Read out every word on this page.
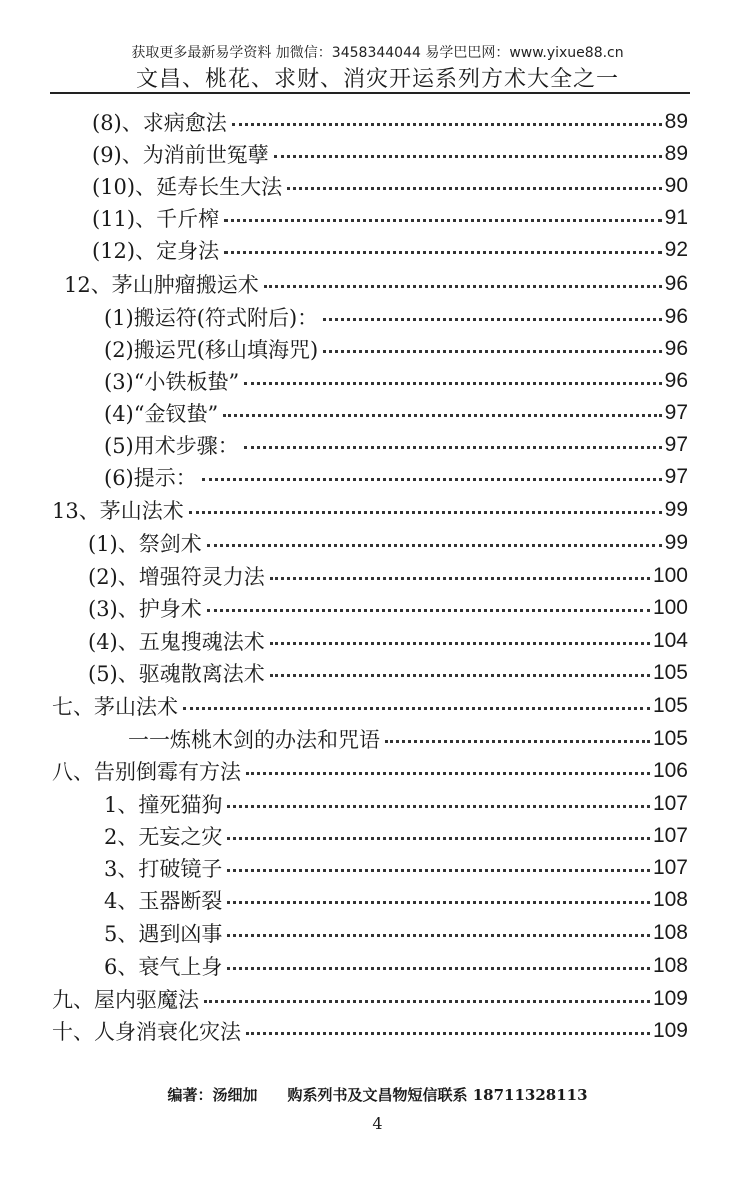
获取更多最新易学资料 加微信：3458344044 易学巴巴网：www.yixue88.cn
文昌、桃花、求财、消灾开运系列方术大全之一
(8)、求病愈法	89
(9)、为消前世冤孽	89
(10)、延寿长生大法	90
(11)、千斤榨	91
(12)、定身法	92
12、茅山肿瘤搬运术	96
(1)搬运符(符式附后)：	96
(2)搬运咒(移山填海咒)	96
(3)“小铁板蛰”	96
(4)“金钗蛰”	97
(5)用术步骤：	97
(6)提示：	97
13、茅山法术	99
(1)、祭剑术	99
(2)、增强符灵力法	100
(3)、护身术	100
(4)、五鬼搜魂法术	104
(5)、驱魂散离法术	105
七、茅山法术	105
一一炼桃木剑的办法和咒语	105
八、告别倒霉有方法	106
1、撞死猫狗	107
2、无妄之灾	107
3、打破镜子	107
4、玉器断裂	108
5、遇到凶事	108
6、衰气上身	108
九、屋内驱魔法	109
十、人身消衰化灾法	109
编著：汤细加　　购系列书及文昌物短信联系 18711328113
4
